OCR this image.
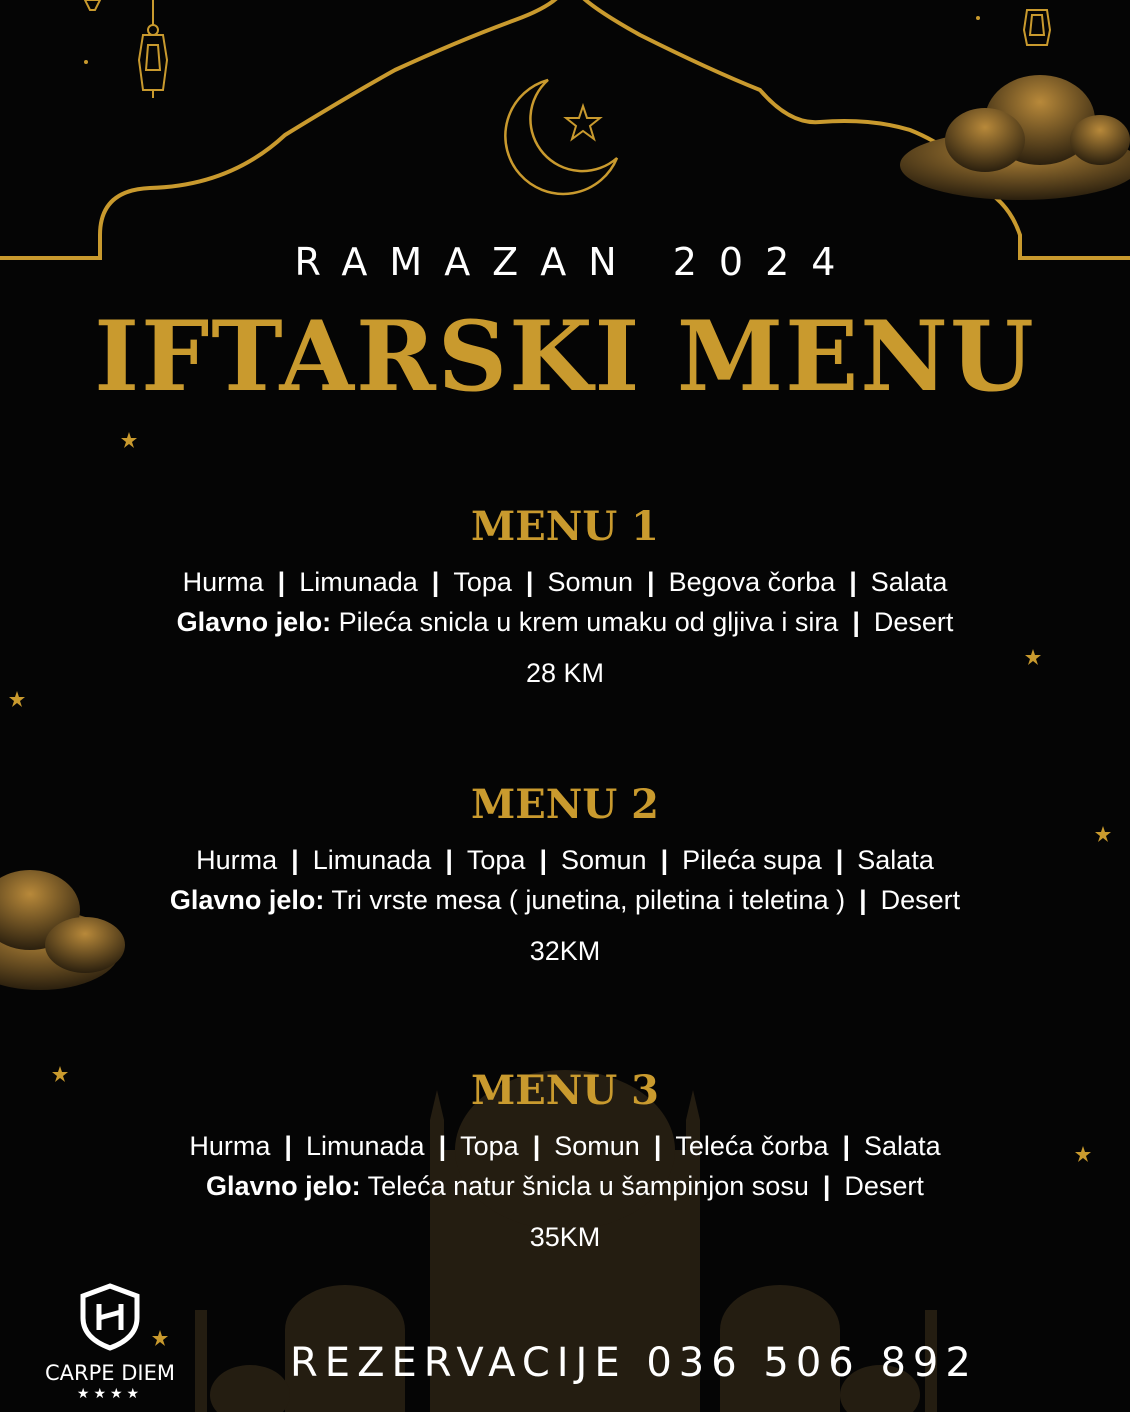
RAMAZAN 2024
IFTARSKI MENU
MENU 1
Hurma | Limunada | Topa | Somun | Begova čorba | Salata
Glavno jelo: Pileća snicla u krem umaku od gljiva i sira | Desert
28 KM
MENU 2
Hurma | Limunada | Topa | Somun | Pileća supa | Salata
Glavno jelo: Tri vrste mesa ( junetina, piletina i teletina ) | Desert
32KM
MENU 3
Hurma | Limunada | Topa | Somun | Teleća čorba | Salata
Glavno jelo: Teleća natur šnicla u šampinjon sosu | Desert
35KM
CARPE DIEM
★★★★
REZERVACIJE 036 506 892
